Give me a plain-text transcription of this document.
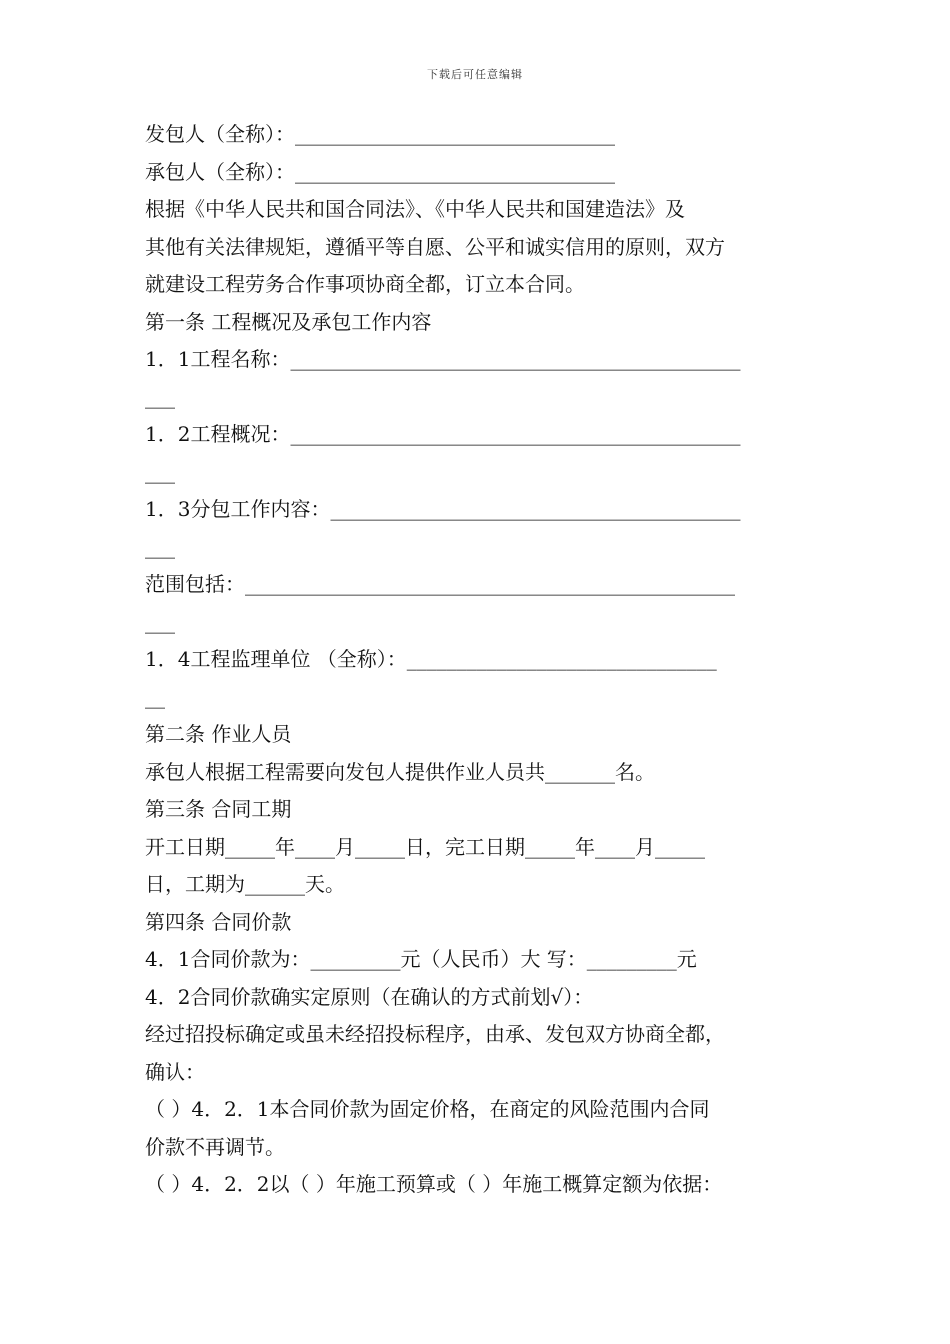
下载后可任意编辑
发包人（全称）：________________________________
承包人（全称）：________________________________
根据《中华人民共和国合同法》、《中华人民共和国建造法》及
其他有关法律规矩，遵循平等自愿、公平和诚实信用的原则，双方
就建设工程劳务合作事项协商全都，订立本合同。
第一条 工程概况及承包工作内容
1．1工程名称：_____________________________________________
___
1．2工程概况：_____________________________________________
___
1．3分包工作内容：_________________________________________
___
范围包括：_________________________________________________
___
1．4工程监理单位 （全称）：_______________________________
__
第二条 作业人员
承包人根据工程需要向发包人提供作业人员共_______名。
第三条 合同工期
开工日期_____年____月_____日，完工日期_____年____月_____
日，工期为______天。
第四条 合同价款
4．1合同价款为：_________元（人民币）大 写：_________元
4．2合同价款确实定原则（在确认的方式前划√）：
经过招投标确定或虽未经招投标程序，由承、发包双方协商全都，
确认：
（ ）4．2．1本合同价款为固定价格，在商定的风险范围内合同
价款不再调节。
（ ）4．2．2以（ ）年施工预算或（ ）年施工概算定额为依据：
